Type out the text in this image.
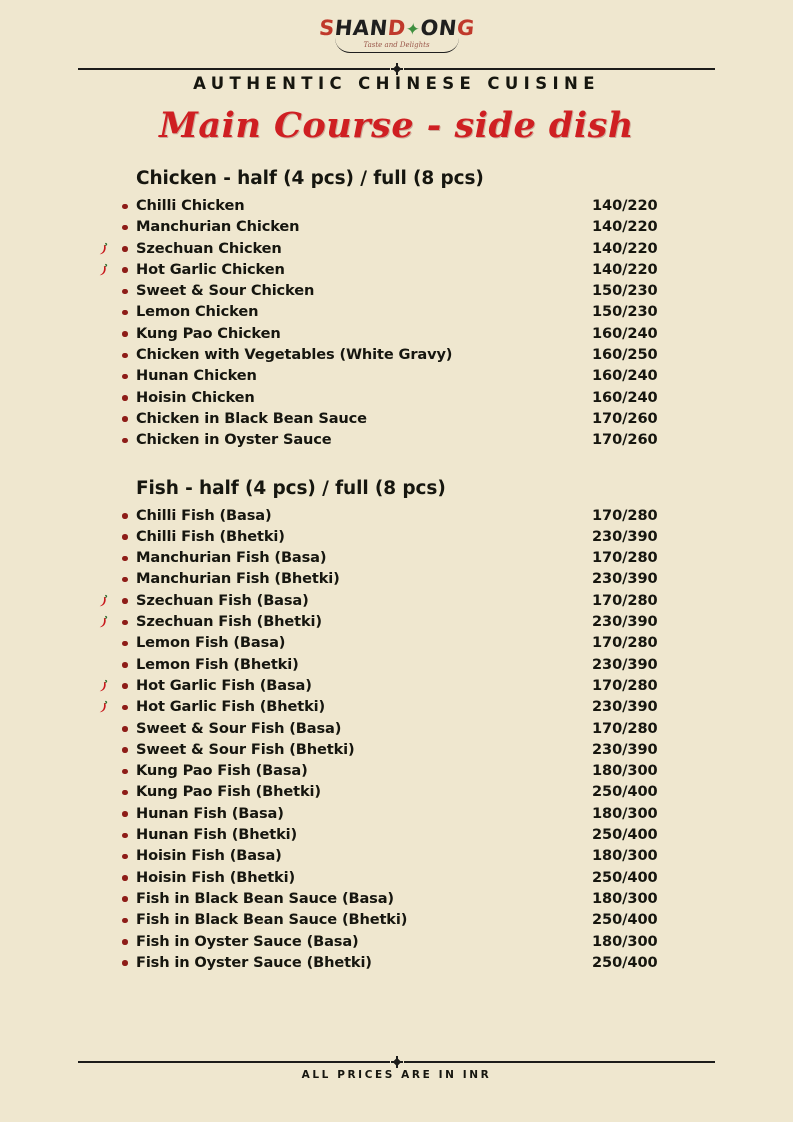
SHAND✦ONG
Taste and Delights
AUTHENTIC CHINESE CUISINE
Main Course - side dish
Chicken - half (4 pcs) / full (8 pcs)
Chilli Chicken	140/220
Manchurian Chicken	140/220
Szechuan Chicken	140/220
Hot Garlic Chicken	140/220
Sweet & Sour Chicken	150/230
Lemon Chicken	150/230
Kung Pao Chicken	160/240
Chicken with Vegetables (White Gravy)	160/250
Hunan Chicken	160/240
Hoisin Chicken	160/240
Chicken in Black Bean Sauce	170/260
Chicken in Oyster Sauce	170/260
Fish - half (4 pcs) / full (8 pcs)
Chilli Fish (Basa)	170/280
Chilli Fish (Bhetki)	230/390
Manchurian Fish (Basa)	170/280
Manchurian Fish (Bhetki)	230/390
Szechuan Fish (Basa)	170/280
Szechuan Fish (Bhetki)	230/390
Lemon Fish (Basa)	170/280
Lemon Fish (Bhetki)	230/390
Hot Garlic Fish (Basa)	170/280
Hot Garlic Fish (Bhetki)	230/390
Sweet & Sour Fish (Basa)	170/280
Sweet & Sour Fish (Bhetki)	230/390
Kung Pao Fish (Basa)	180/300
Kung Pao Fish (Bhetki)	250/400
Hunan Fish (Basa)	180/300
Hunan Fish (Bhetki)	250/400
Hoisin Fish (Basa)	180/300
Hoisin Fish (Bhetki)	250/400
Fish in Black Bean Sauce (Basa)	180/300
Fish in Black Bean Sauce (Bhetki)	250/400
Fish in Oyster Sauce (Basa)	180/300
Fish in Oyster Sauce (Bhetki)	250/400
ALL PRICES ARE IN INR
